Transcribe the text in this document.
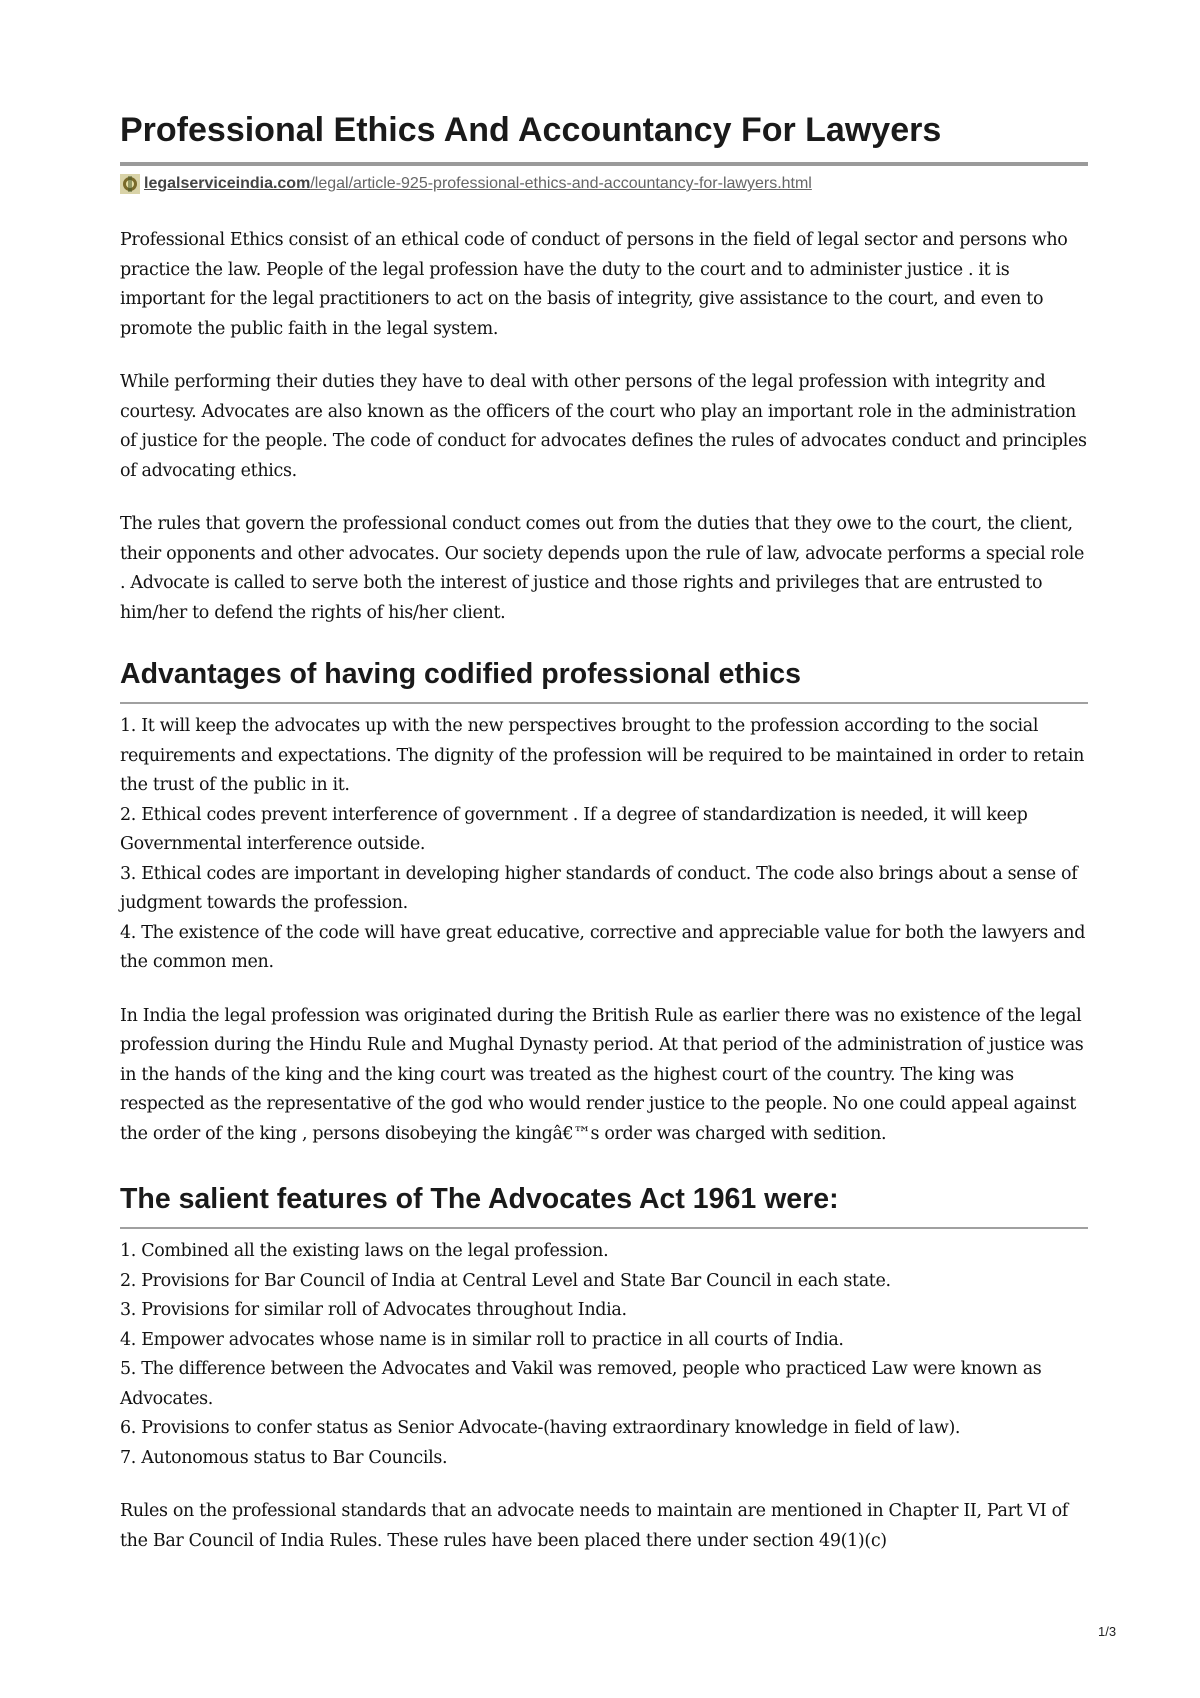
Professional Ethics And Accountancy For Lawyers
legalserviceindia.com/legal/article-925-professional-ethics-and-accountancy-for-lawyers.html

Professional Ethics consist of an ethical code of conduct of persons in the field of legal sector and persons who practice the law. People of the legal profession have the duty to the court and to administer justice . it is important for the legal practitioners to act on the basis of integrity, give assistance to the court, and even to promote the public faith in the legal system.

While performing their duties they have to deal with other persons of the legal profession with integrity and courtesy. Advocates are also known as the officers of the court who play an important role in the administration of justice for the people. The code of conduct for advocates defines the rules of advocates conduct and principles of advocating ethics.

The rules that govern the professional conduct comes out from the duties that they owe to the court, the client, their opponents and other advocates. Our society depends upon the rule of law, advocate performs a special role . Advocate is called to serve both the interest of justice and those rights and privileges that are entrusted to him/her to defend the rights of his/her client.

Advantages of having codified professional ethics

1. It will keep the advocates up with the new perspectives brought to the profession according to the social requirements and expectations. The dignity of the profession will be required to be maintained in order to retain the trust of the public in it.

2. Ethical codes prevent interference of government . If a degree of standardization is needed, it will keep Governmental interference outside.

3. Ethical codes are important in developing higher standards of conduct. The code also brings about a sense of judgment towards the profession.

4. The existence of the code will have great educative, corrective and appreciable value for both the lawyers and the common men.

In India the legal profession was originated during the British Rule as earlier there was no existence of the legal profession during the Hindu Rule and Mughal Dynasty period. At that period of the administration of justice was in the hands of the king and the king court was treated as the highest court of the country. The king was respected as the representative of the god who would render justice to the people. No one could appeal against the order of the king , persons disobeying the kingâ€™s order was charged with sedition.

The salient features of The Advocates Act 1961 were:

1. Combined all the existing laws on the legal profession.

2. Provisions for Bar Council of India at Central Level and State Bar Council in each state.

3. Provisions for similar roll of Advocates throughout India.

4. Empower advocates whose name is in similar roll to practice in all courts of India.

5. The difference between the Advocates and Vakil was removed, people who practiced Law were known as Advocates.

6. Provisions to confer status as Senior Advocate-(having extraordinary knowledge in field of law).

7. Autonomous status to Bar Councils.

Rules on the professional standards that an advocate needs to maintain are mentioned in Chapter II, Part VI of the Bar Council of India Rules. These rules have been placed there under section 49(1)(c)

1/3
